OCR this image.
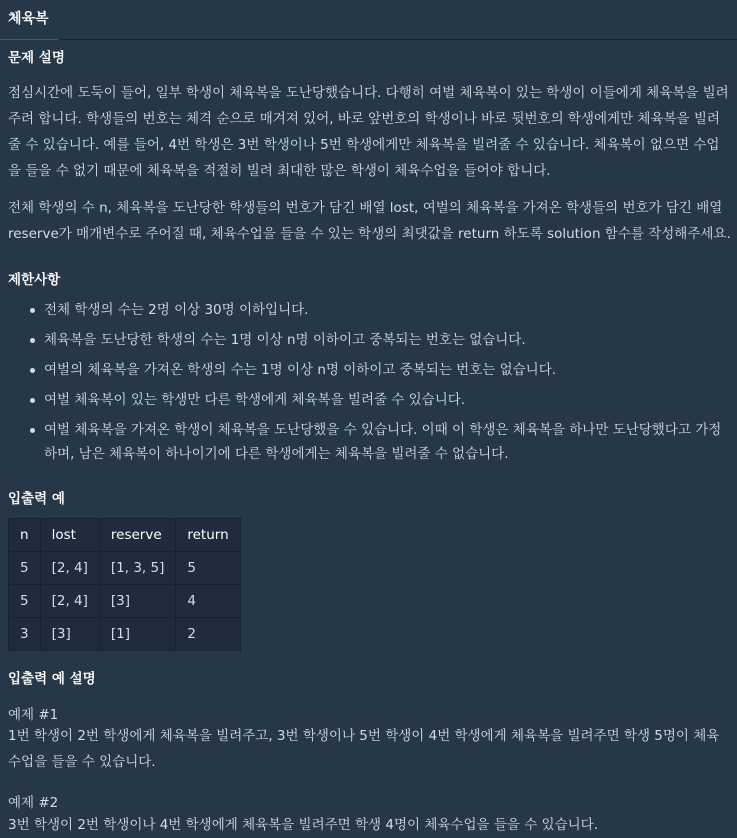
체육복
문제 설명
점심시간에 도둑이 들어, 일부 학생이 체육복을 도난당했습니다. 다행히 여벌 체육복이 있는 학생이 이들에게 체육복을 빌려
주려 합니다. 학생들의 번호는 체격 순으로 매겨져 있어, 바로 앞번호의 학생이나 바로 뒷번호의 학생에게만 체육복을 빌려
줄 수 있습니다. 예를 들어, 4번 학생은 3번 학생이나 5번 학생에게만 체육복을 빌려줄 수 있습니다. 체육복이 없으면 수업
을 들을 수 없기 때문에 체육복을 적절히 빌려 최대한 많은 학생이 체육수업을 들어야 합니다.
전체 학생의 수 n, 체육복을 도난당한 학생들의 번호가 담긴 배열 lost, 여벌의 체육복을 가져온 학생들의 번호가 담긴 배열
reserve가 매개변수로 주어질 때, 체육수업을 들을 수 있는 학생의 최댓값을 return 하도록 solution 함수를 작성해주세요.
제한사항
전체 학생의 수는 2명 이상 30명 이하입니다.
체육복을 도난당한 학생의 수는 1명 이상 n명 이하이고 중복되는 번호는 없습니다.
여벌의 체육복을 가져온 학생의 수는 1명 이상 n명 이하이고 중복되는 번호는 없습니다.
여벌 체육복이 있는 학생만 다른 학생에게 체육복을 빌려줄 수 있습니다.
여벌 체육복을 가져온 학생이 체육복을 도난당했을 수 있습니다. 이때 이 학생은 체육복을 하나만 도난당했다고 가정
하며, 남은 체육복이 하나이기에 다른 학생에게는 체육복을 빌려줄 수 없습니다.
입출력 예
n	lost	reserve	return
5	[2, 4]	[1, 3, 5]	5
5	[2, 4]	[3]	4
3	[3]	[1]	2
입출력 예 설명

예제 #1

1번 학생이 2번 학생에게 체육복을 빌려주고, 3번 학생이나 5번 학생이 4번 학생에게 체육복을 빌려주면 학생 5명이 체육
수업을 들을 수 있습니다.

예제 #2

3번 학생이 2번 학생이나 4번 학생에게 체육복을 빌려주면 학생 4명이 체육수업을 들을 수 있습니다.
